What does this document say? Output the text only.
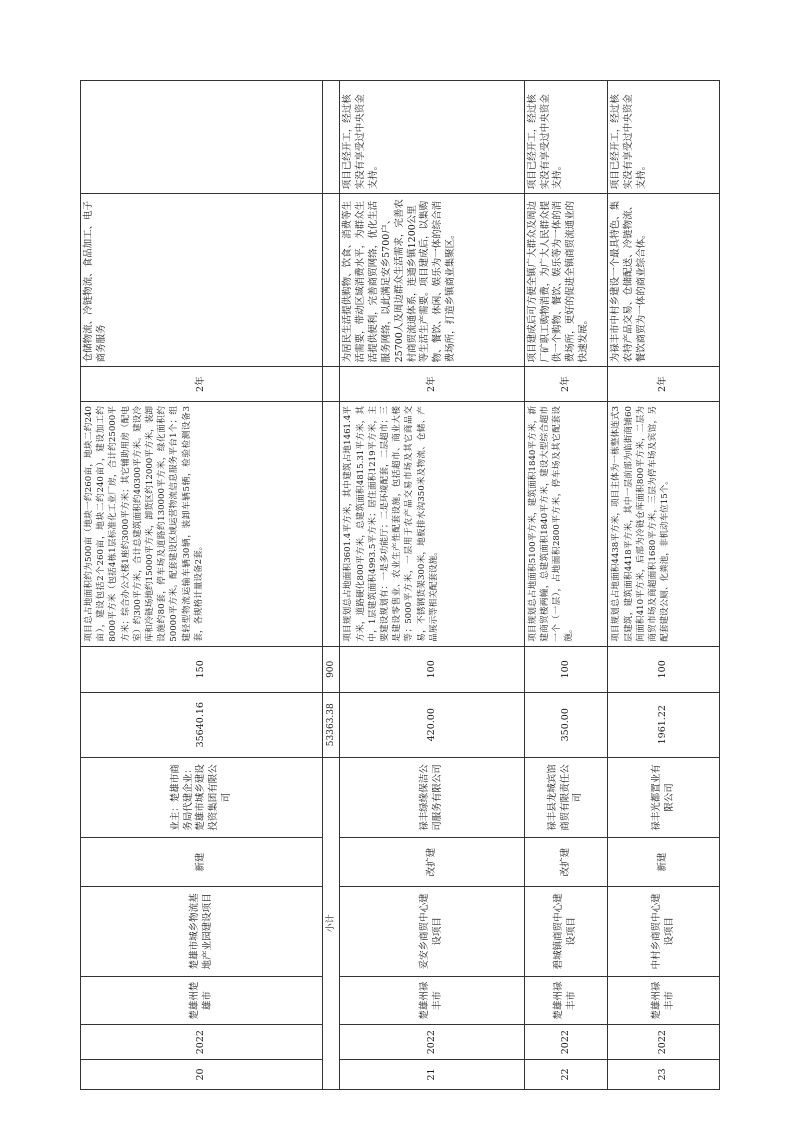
20	2022	楚雄州楚雄市	楚雄市城乡物流基地产业园建设项目	新建	业主：楚雄市商务局代建企业：楚雄市城乡建设投资集团有限公司	35640.16	150	项目总占地面积约为500亩（地块一约260亩，地块二约240亩），建设包括2个260亩，地块二约240亩），建设加工约8000平方米（包括4栋1层标准化工业厂房，合计约25000平方米；综合办公大楼1座约3000平方米；其它辅助用房（配电室）约300平方米，合计总建筑面积约40300平方米。建设冷库和冷链场地约15000平方米，卸货区约12000平方米，装卸设施约80套，停车场及道路约130000平方米，绿化面积约50000平方米。配套建设区域运营物流信息服务平台1个；组建轻型物流运输车辆30辆，装卸车辆5辆，检验检测设备3套，各规格计量设备2套。	2年	仓储物流、冷链物流、食品加工、电子商务服务	
小计						53363.38	900				
21	2022	楚雄州禄丰市	妥安乡商贸中心建设项目	改扩建	禄丰绿缘保洁公司服务有限公司	420.00	100	项目规划总占地面积3601.4平方米，其中建筑占地1461.4平方米，道路硬化800平方米，总建筑面积4815.31平方米，其中，1层建筑面积4993.5平方米；居住面积1219平方米，主要建设规划有：一是多功能厅；二是环境配套，二层超市；三是建设零售业、农业生产性配套设施，包括超市、商业大楼等；5000平方米，一层用于农产品交易市场及其它商品交易，不锈钢货架300米，地板排水沟350米及物流、仓储、产品展示等相关配套设施。	2年	为居民生活提供购物、饮食、消费等生活需要，带动区域消费水平，为群众生活提供便利，完善商贸网络，优化生活服务网络，以此满足安乡5700户、25700人及周边群众生活需求，完善农村商贸流通体系，连通乡镇1200公里等生活生产需要。项目建成后，以集购物、餐饮、休闲、娱乐为一体的综合消费场所，打造乡镇商业集聚区。	项目已经开工，经过核实没有享受过中央资金支持。
22	2022	楚雄州禄丰市	碧城镇商贸中心建设项目	改扩建	禄丰县龙城宾馆商贸有限责任公司	350.00	100	项目规划总占地面积5100平方米，建筑面积1840平方米，新建商贸楼两幢，总建筑面积1840平方米，建设大型综合超市一个（一层），占地面积2800平方米，停车场及其它配套设施。	2年	项目建成后可方便全镇广大群众及周边厂矿职工购物消费，为广大人民群众提供一个购物、餐饮、娱乐等为一体的消费场所，更好的促进全镇商贸流通业的快速发展。	项目已经开工，经过核实没有享受过中央资金支持。
23	2022	楚雄州禄丰市	中村乡商贸中心建设项目	新建	禄丰光都置业有限公司	1961.22	100	项目规划总占地面积4438平方米，项目主体为一栋整体连式3层建筑，建筑面积4418平方米，其中一层前部为临街商铺60间面积410平方米，后部为冷链仓库面积800平方米，二层为商贸市场及商超面积1680平方米，三层为停车场及宾馆，另配套建设公厕、化粪池，非机动车位15个。	2年	为禄丰市中村乡建设一个最具特色、集农特产品交易、仓储配送、冷链物流、餐饮商贸为一体的商业综合体。	项目已经开工，经过核实没有享受过中央资金支持。
